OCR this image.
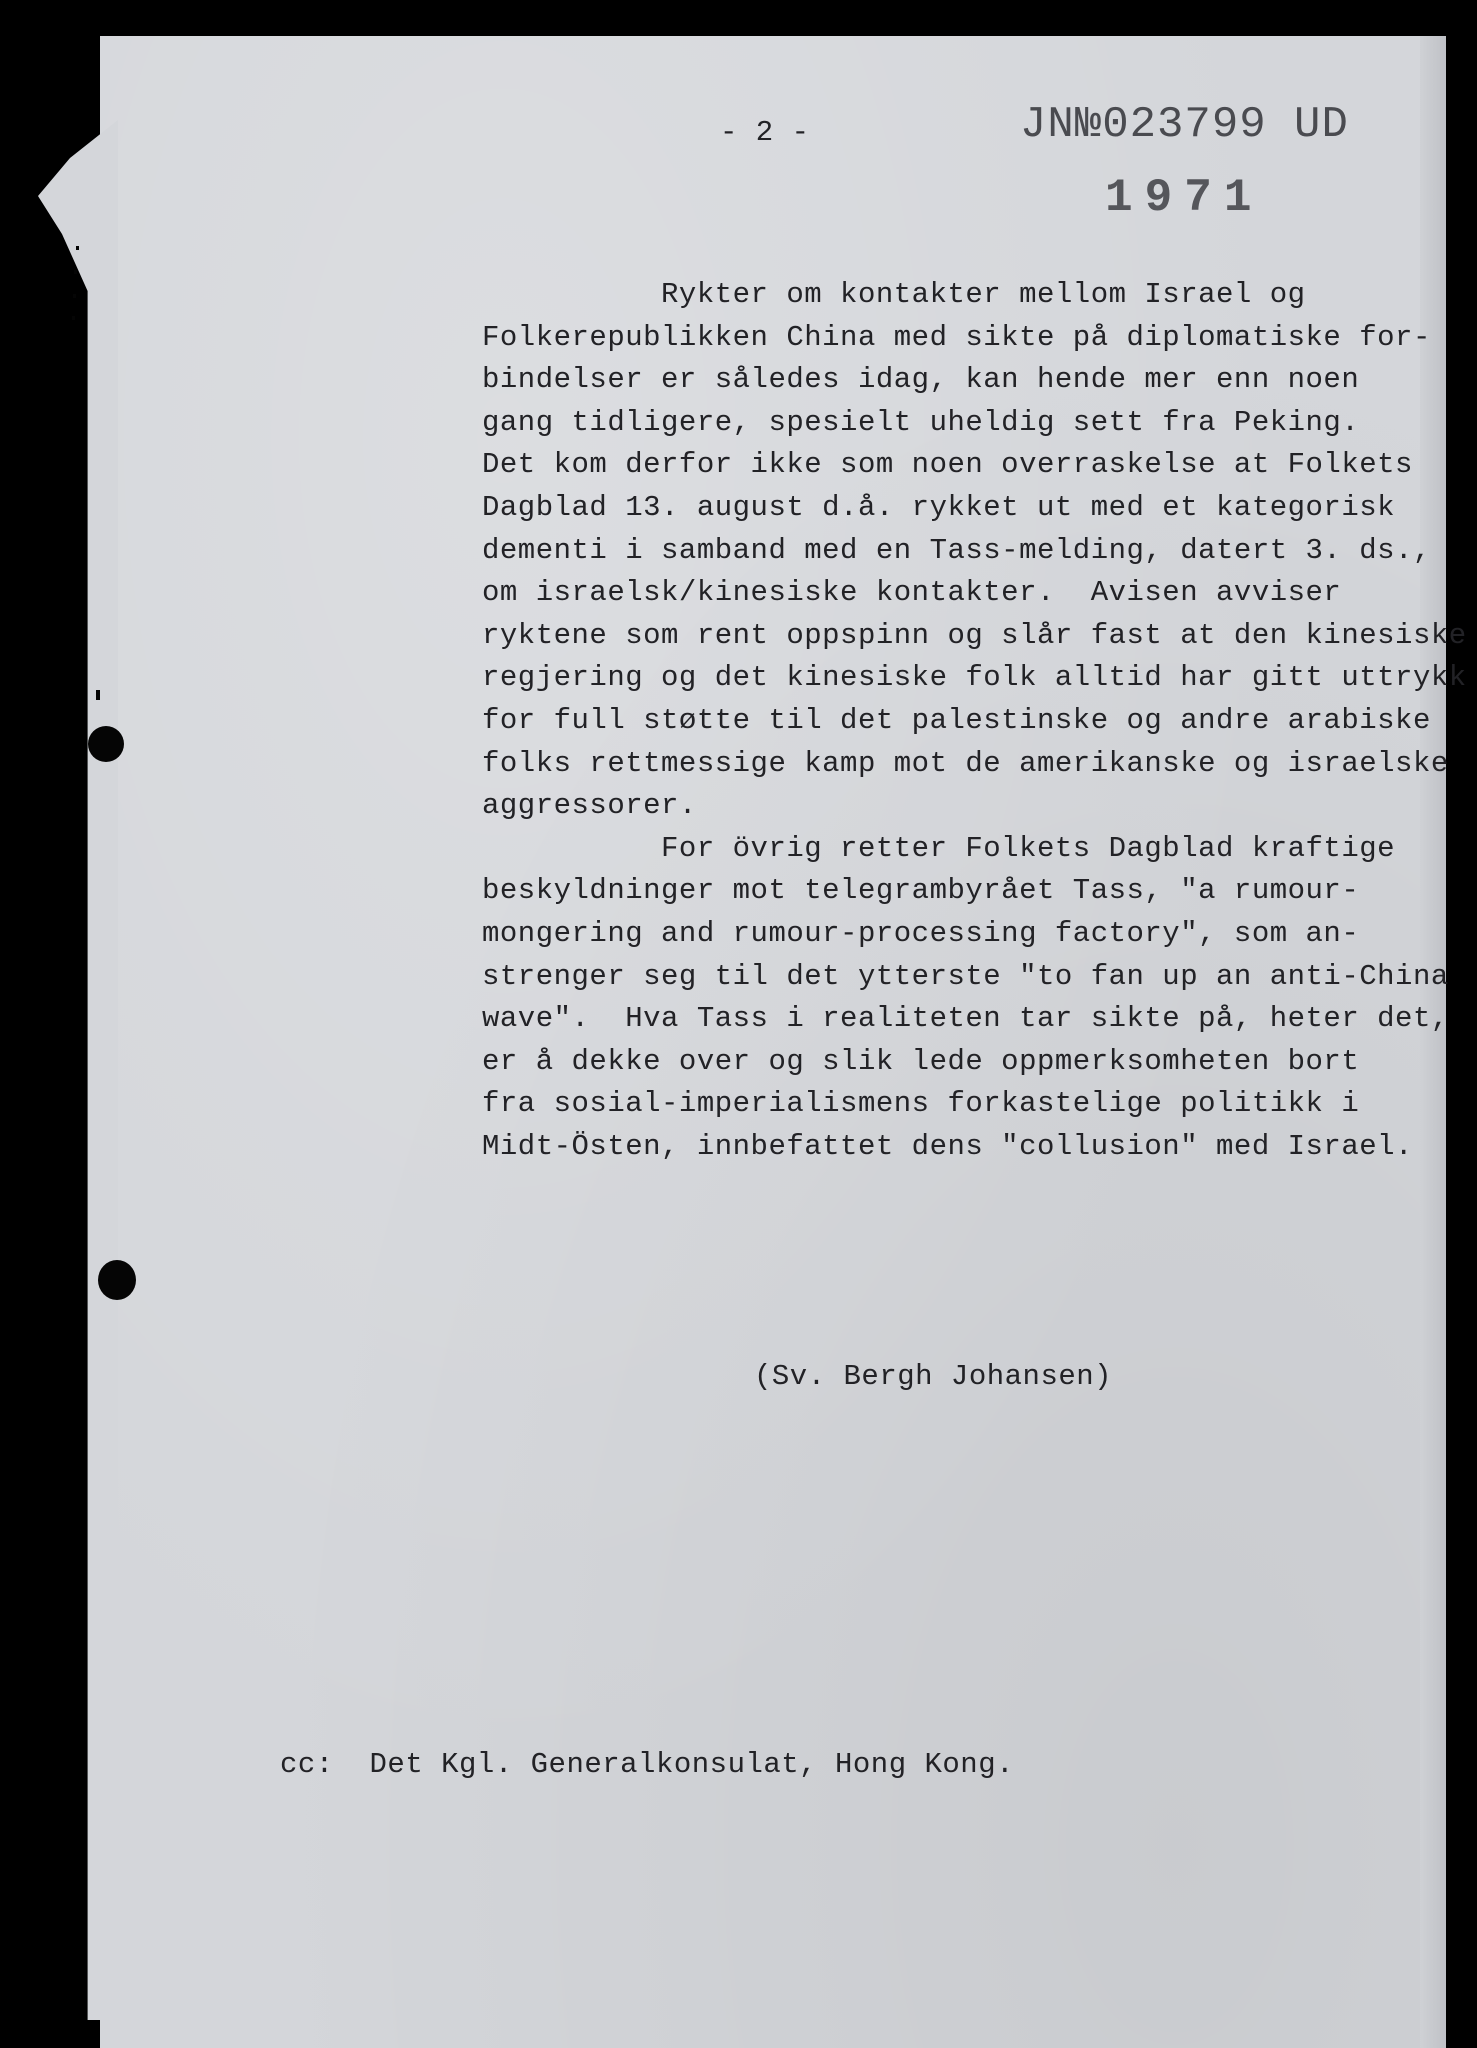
- 2 -	JN№023799 UD
1971
Rykter om kontakter mellom Israel og
Folkerepublikken China med sikte på diplomatiske for-
bindelser er således idag, kan hende mer enn noen
gang tidligere, spesielt uheldig sett fra Peking.
Det kom derfor ikke som noen overraskelse at Folkets
Dagblad 13. august d.å. rykket ut med et kategorisk
dementi i samband med en Tass-melding, datert 3. ds.,
om israelsk/kinesiske kontakter.  Avisen avviser
ryktene som rent oppspinn og slår fast at den kinesiske
regjering og det kinesiske folk alltid har gitt uttrykk
for full støtte til det palestinske og andre arabiske
folks rettmessige kamp mot de amerikanske og israelske
aggressorer.
For övrig retter Folkets Dagblad kraftige
beskyldninger mot telegrambyrået Tass, "a rumour-
mongering and rumour-processing factory", som an-
strenger seg til det ytterste "to fan up an anti-China
wave".  Hva Tass i realiteten tar sikte på, heter det,
er å dekke over og slik lede oppmerksomheten bort
fra sosial-imperialismens forkastelige politikk i
Midt-Östen, innbefattet dens "collusion" med Israel.
(Sv. Bergh Johansen)
cc:  Det Kgl. Generalkonsulat, Hong Kong.
